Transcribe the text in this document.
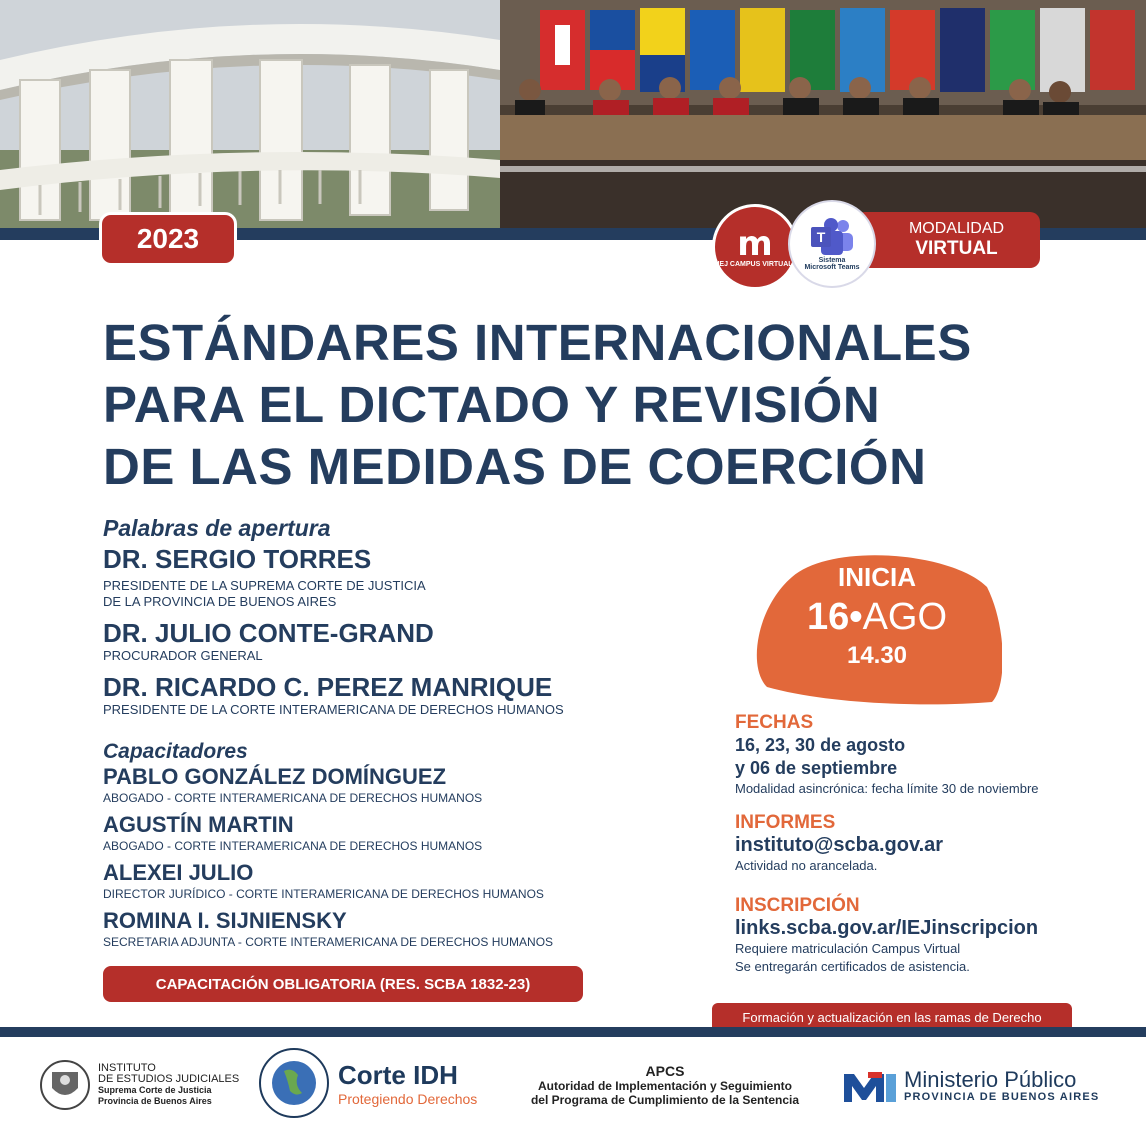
2023	MODALIDAD
VIRTUAL
m
IEJ CAMPUS VIRTUAL
T
Sistema
Microsoft Teams
ESTÁNDARES INTERNACIONALES
PARA EL DICTADO Y REVISIÓN
DE LAS MEDIDAS DE COERCIÓN
Palabras de apertura
DR. SERGIO TORRES
PRESIDENTE DE LA SUPREMA CORTE DE JUSTICIA
DE LA PROVINCIA DE BUENOS AIRES
DR. JULIO CONTE-GRAND
PROCURADOR GENERAL
DR. RICARDO C. PEREZ MANRIQUE
PRESIDENTE DE LA CORTE INTERAMERICANA DE DERECHOS HUMANOS
Capacitadores
PABLO GONZÁLEZ DOMÍNGUEZ
ABOGADO - CORTE INTERAMERICANA DE DERECHOS HUMANOS
AGUSTÍN MARTIN
ABOGADO - CORTE INTERAMERICANA DE DERECHOS HUMANOS
ALEXEI JULIO
DIRECTOR JURÍDICO - CORTE INTERAMERICANA DE DERECHOS HUMANOS
ROMINA I. SIJNIENSKY
SECRETARIA ADJUNTA - CORTE INTERAMERICANA DE DERECHOS HUMANOS
CAPACITACIÓN OBLIGATORIA (RES. SCBA 1832-23)
INICIA
16•AGO
14.30
FECHAS
16, 23, 30 de agosto
y 06 de septiembre
Modalidad asincrónica: fecha límite 30 de noviembre
INFORMES
instituto@scba.gov.ar
Actividad no arancelada.
INSCRIPCIÓN
links.scba.gov.ar/IEJinscripcion
Requiere matriculación Campus Virtual
Se entregarán certificados de asistencia.
Formación y actualización en las ramas de Derecho
INSTITUTO
DE ESTUDIOS JUDICIALES
Suprema Corte de Justicia
Provincia de Buenos Aires
Corte IDH
Protegiendo Derechos
APCS
Autoridad de Implementación y Seguimiento
del Programa de Cumplimiento de la Sentencia
Ministerio Público
PROVINCIA DE BUENOS AIRES
